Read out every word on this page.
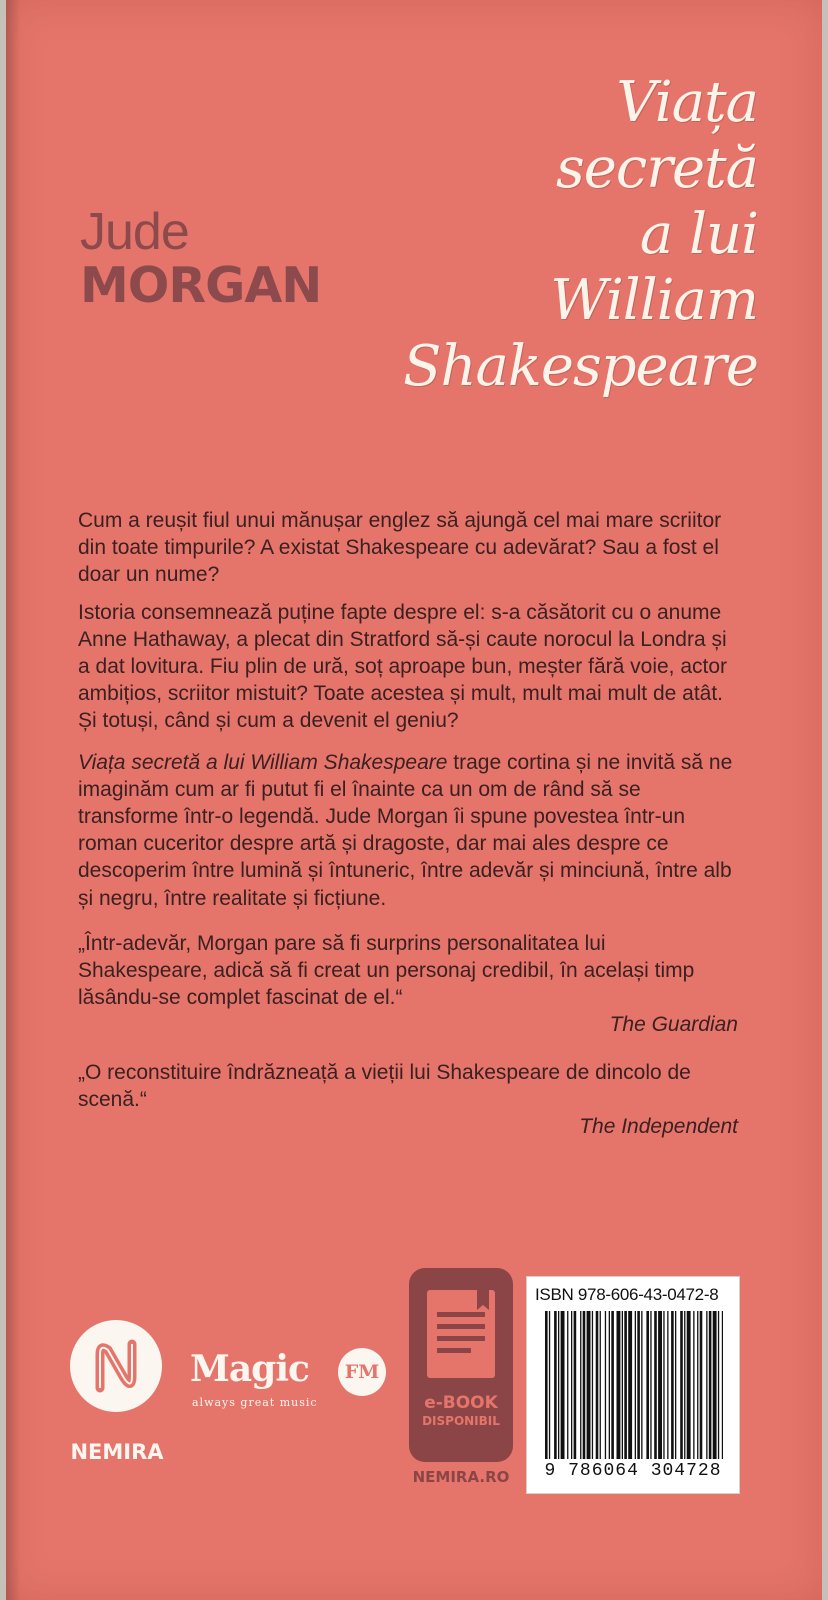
Jude
MORGAN
Viața
secretă
a lui
William
Shakespeare

Cum a reușit fiul unui mănușar englez să ajungă cel mai mare scriitor din toate timpurile? A existat Shakespeare cu adevărat? Sau a fost el doar un nume?

Istoria consemnează puține fapte despre el: s-a căsătorit cu o anume Anne Hathaway, a plecat din Stratford să-și caute norocul la Londra și a dat lovitura. Fiu plin de ură, soț aproape bun, meșter fără voie, actor ambițios, scriitor mistuit? Toate acestea și mult, mult mai mult de atât. Și totuși, când și cum a devenit el geniu?

Viața secretă a lui William Shakespeare trage cortina și ne invită să ne imaginăm cum ar fi putut fi el înainte ca un om de rând să se transforme într-o legendă. Jude Morgan îi spune povestea într-un roman cuceritor despre artă și dragoste, dar mai ales despre ce descoperim între lumină și întuneric, între adevăr și minciună, între alb și negru, între realitate și ficțiune.

„Într-adevăr, Morgan pare să fi surprins personalitatea lui Shakespeare, adică să fi creat un personaj credibil, în același timp lăsându-se complet fascinat de el.“

The Guardian

„O reconstituire îndrăzneață a vieții lui Shakespeare de dincolo de scenă.“

The Independent

NEMIRA
Magic	FM
always great music	e-BOOK
DISPONIBIL
NEMIRA.RO
ISBN 978-606-43-0472-8
9 786064 304728
